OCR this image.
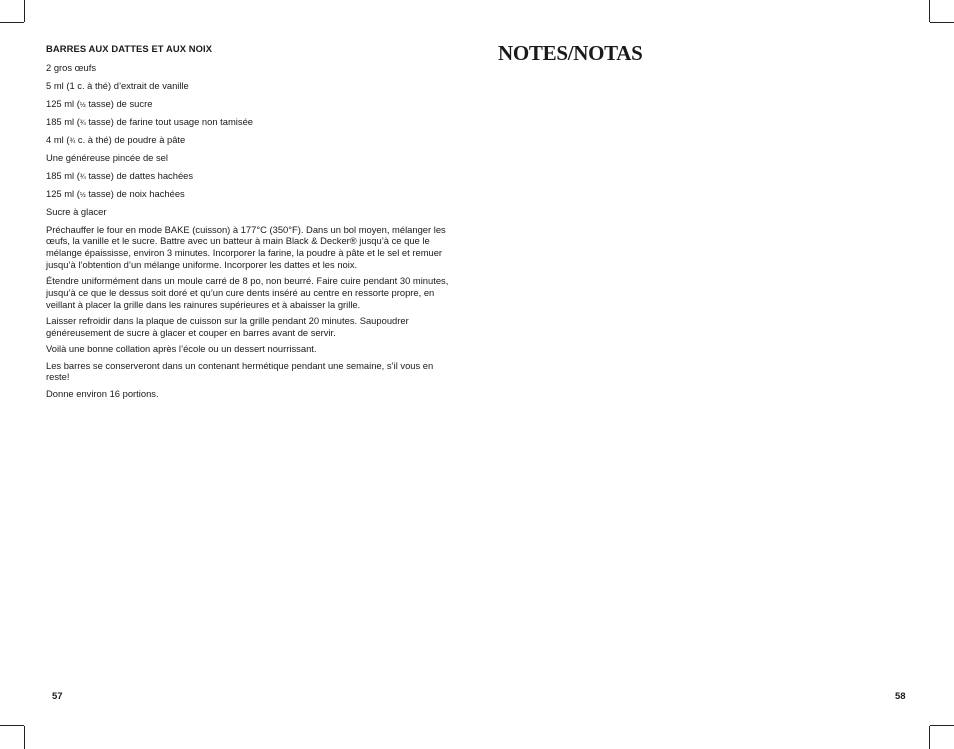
BARRES AUX DATTES ET AUX NOIX
2 gros œufs
5 ml (1 c. à thé) d’extrait de vanille
125 ml (½ tasse) de sucre
185 ml (¾ tasse) de farine tout usage non tamisée
4 ml (¾ c. à thé) de poudre à pâte
Une généreuse pincée de sel
185 ml (¾ tasse) de dattes hachées
125 ml (½ tasse) de noix hachées
Sucre à glacer

Préchauffer le four en mode BAKE (cuisson) à 177°C (350°F). Dans un bol moyen, mélanger les œufs, la vanille et le sucre. Battre avec un batteur à main Black & Decker® jusqu’à ce que le mélange épaississe, environ 3 minutes. Incorporer la farine, la poudre à pâte et le sel et remuer jusqu’à l’obtention d’un mélange uniforme. Incorporer les dattes et les noix.

Étendre uniformément dans un moule carré de 8 po, non beurré. Faire cuire pendant 30 minutes, jusqu’à ce que le dessus soit doré et qu’un cure dents inséré au centre en ressorte propre, en veillant à placer la grille dans les rainures supérieures et à abaisser la grille.

Laisser refroidir dans la plaque de cuisson sur la grille pendant 20 minutes. Saupoudrer généreusement de sucre à glacer et couper en barres avant de servir.

Voilà une bonne collation après l’école ou un dessert nourrissant.

Les barres se conserveront dans un contenant hermétique pendant une semaine, s’il vous en reste!

Donne environ 16 portions.

57
NOTES/NOTAS
58
